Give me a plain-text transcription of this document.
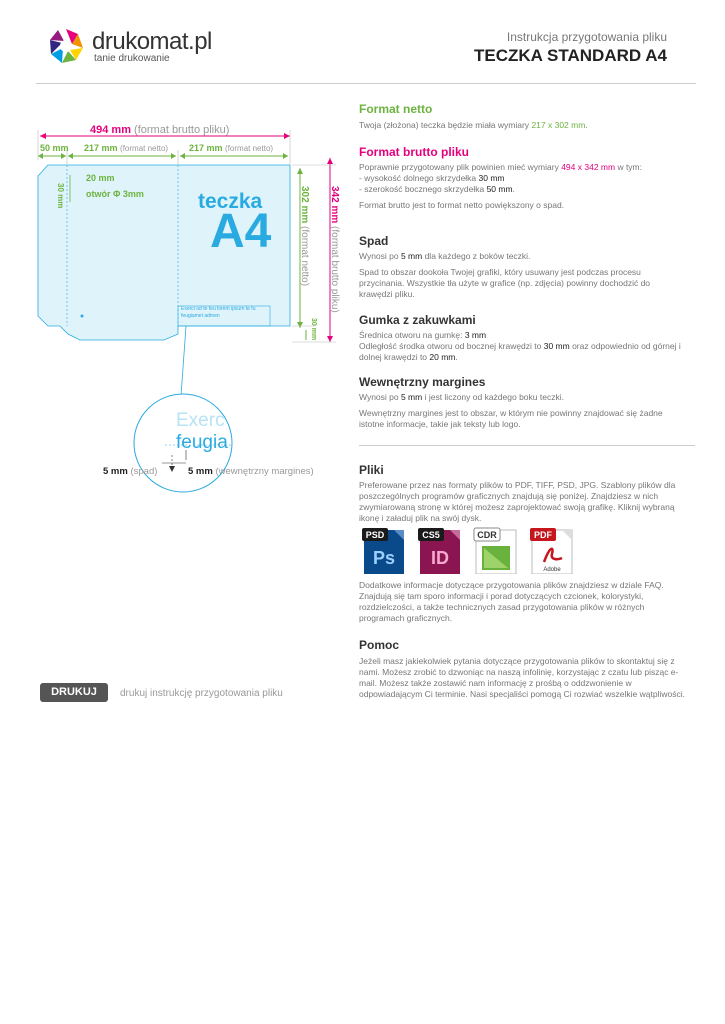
drukomat.pl
tanie drukowanie
Instrukcja przygotowania pliku
TECZKA STANDARD A4
494 mm (format brutto pliku)
50 mm 217 mm (format netto) 217 mm (format netto)
20 mm
30 mm otwór Φ 3mm	teczka
A4
Exerci od te feu lorem ipsum te fu feugiamet admen
302 mm (format netto)
342 mm (format brutto pliku)
30 mm
Exerc
feugia
5 mm (spad)	5 mm (wewnętrzny margines)
Format netto
Twoja (złożona) teczka będzie miała wymiary 217 x 302 mm.
Format brutto pliku
Poprawnie przygotowany plik powinien mieć wymiary 494 x 342 mm w tym:
- wysokość dolnego skrzydełka 30 mm
- szerokość bocznego skrzydełka 50 mm.
Format brutto jest to format netto powiększony o spad.
Spad
Wynosi po 5 mm dla każdego z boków teczki.
Spad to obszar dookoła Twojej grafiki, który usuwany jest podczas procesu przycinania. Wszystkie tła użyte w grafice (np. zdjęcia) powinny dochodzić do krawędzi pliku.
Gumka z zakuwkami
Średnica otworu na gumkę: 3 mm
Odległość środka otworu od bocznej krawędzi to 30 mm oraz odpowiednio od górnej i dolnej krawędzi to 20 mm.
Wewnętrzny margines
Wynosi po 5 mm i jest liczony od każdego boku teczki.
Wewnętrzny margines jest to obszar, w którym nie powinny znajdować się żadne istotne informacje, takie jak teksty lub logo.
Pliki
Preferowane przez nas formaty plików to PDF, TIFF, PSD, JPG. Szablony plików dla poszczególnych programów graficznych znajdują się poniżej. Znajdziesz w nich zwymiarowaną stronę w której możesz zaprojektować swoją grafikę. Kliknij wybraną ikonę i załaduj plik na swój dysk.
PSD
Ps
CS5
ID
CDR	PDF
Adobe
Dodatkowe informacje dotyczące przygotowania plików znajdziesz w dziale FAQ. Znajdują się tam sporo informacji i porad dotyczących czcionek, kolorystyki, rozdzielczości, a także technicznych zasad przygotowania plików w różnych programach graficznych.
Pomoc
Jeżeli masz jakiekolwiek pytania dotyczące przygotowania plików to skontaktuj się z nami. Możesz zrobić to dzwoniąc na naszą infolinię, korzystając z czatu lub pisząc e-mail. Możesz także zostawić nam informację z prośbą o oddzwonienie w odpowiadającym Ci terminie. Nasi specjaliści pomogą Ci rozwiać wszelkie wątpliwości.
DRUKUJ	drukuj instrukcję przygotowania pliku
